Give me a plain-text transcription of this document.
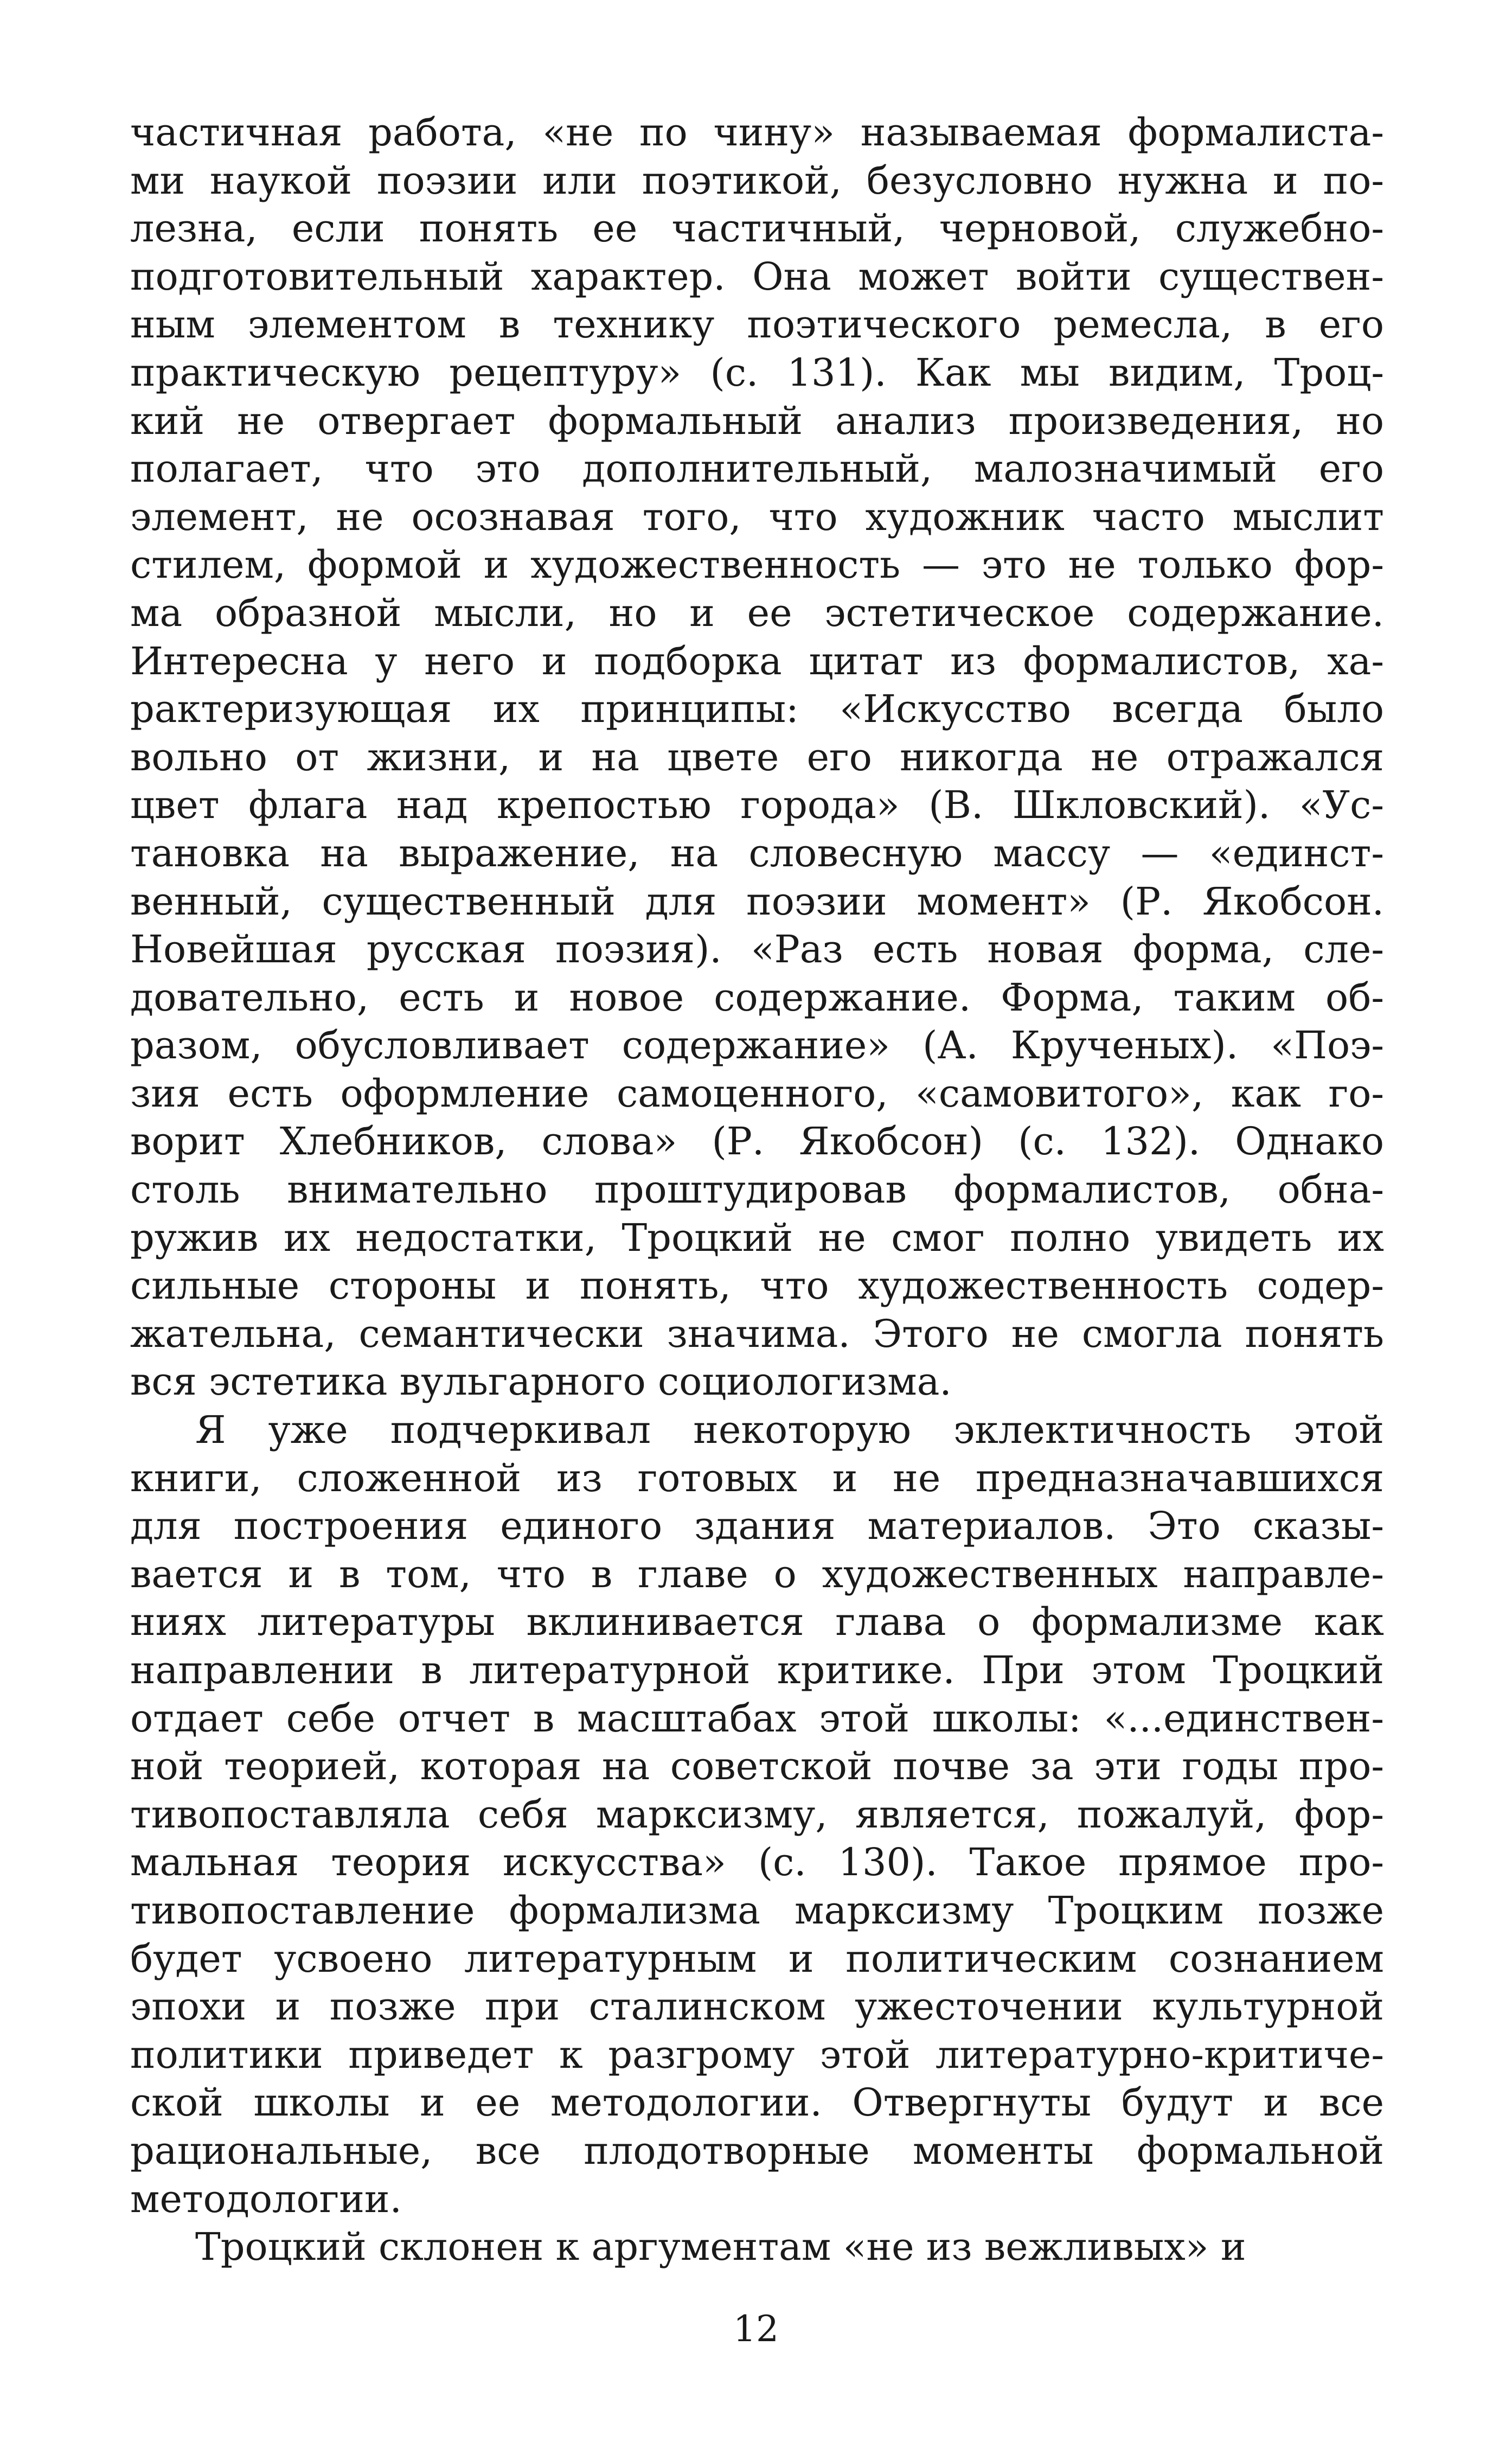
частичная работа, «не по чину» называемая формалиста-
ми наукой поэзии или поэтикой, безусловно нужна и по-
лезна, если понять ее частичный, черновой, служебно-
подготовительный характер. Она может войти существен-
ным элементом в технику поэтического ремесла, в его
практическую рецептуру» (с. 131). Как мы видим, Троц-
кий не отвергает формальный анализ произведения, но
полагает, что это дополнительный, малозначимый его
элемент, не осознавая того, что художник часто мыслит
стилем, формой и художественность — это не только фор-
ма образной мысли, но и ее эстетическое содержание.
Интересна у него и подборка цитат из формалистов, ха-
рактеризующая их принципы: «Искусство всегда было
вольно от жизни, и на цвете его никогда не отражался
цвет флага над крепостью города» (В. Шкловский). «Ус-
тановка на выражение, на словесную массу — «единст-
венный, существенный для поэзии момент» (Р. Якобсон.
Новейшая русская поэзия). «Раз есть новая форма, сле-
довательно, есть и новое содержание. Форма, таким об-
разом, обусловливает содержание» (А. Крученых). «Поэ-
зия есть оформление самоценного, «самовитого», как го-
ворит Хлебников, слова» (Р. Якобсон) (с. 132). Однако
столь внимательно проштудировав формалистов, обна-
ружив их недостатки, Троцкий не смог полно увидеть их
сильные стороны и понять, что художественность содер-
жательна, семантически значима. Этого не смогла понять
вся эстетика вульгарного социологизма.
Я уже подчеркивал некоторую эклектичность этой
книги, сложенной из готовых и не предназначавшихся
для построения единого здания материалов. Это сказы-
вается и в том, что в главе о художественных направле-
ниях литературы вклинивается глава о формализме как
направлении в литературной критике. При этом Троцкий
отдает себе отчет в масштабах этой школы: «...единствен-
ной теорией, которая на советской почве за эти годы про-
тивопоставляла себя марксизму, является, пожалуй, фор-
мальная теория искусства» (с. 130). Такое прямое про-
тивопоставление формализма марксизму Троцким позже
будет усвоено литературным и политическим сознанием
эпохи и позже при сталинском ужесточении культурной
политики приведет к разгрому этой литературно-критиче-
ской школы и ее методологии. Отвергнуты будут и все
рациональные, все плодотворные моменты формальной
методологии.
Троцкий склонен к аргументам «не из вежливых» и
12
